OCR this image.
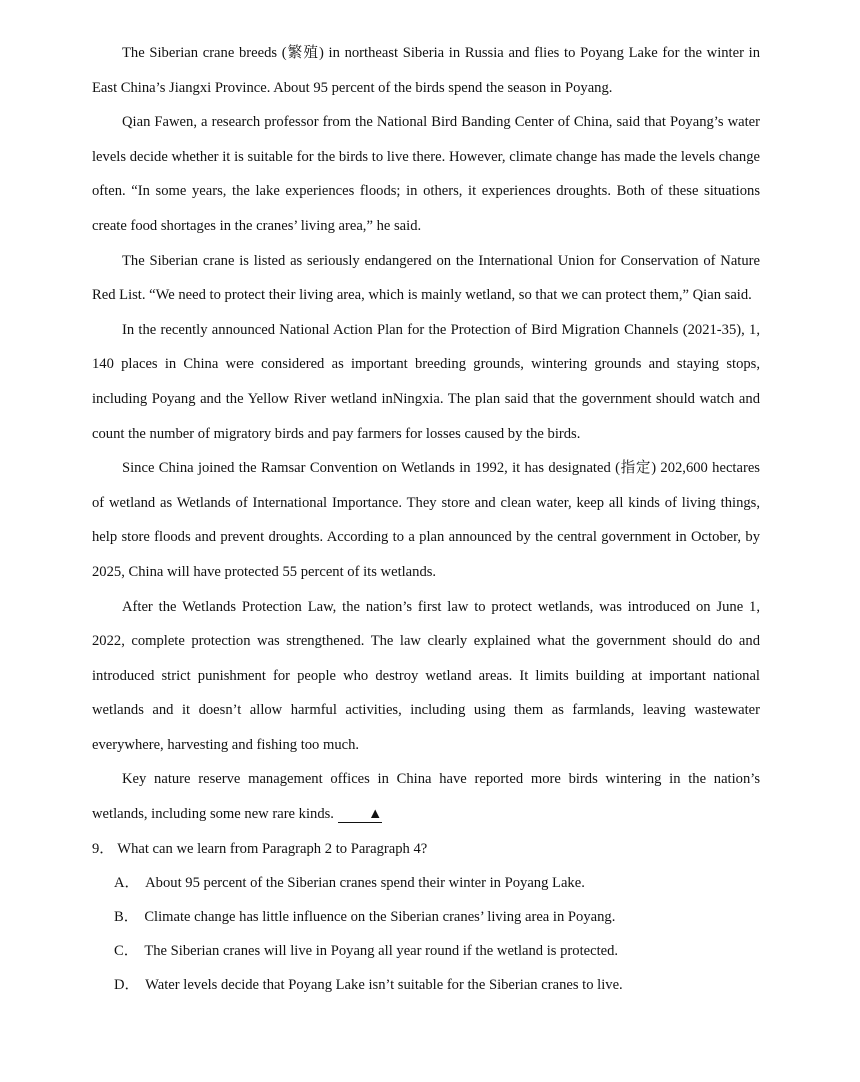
The Siberian crane breeds (繁殖) in northeast Siberia in Russia and flies to Poyang Lake for the winter in East China’s Jiangxi Province. About 95 percent of the birds spend the season in Poyang.

Qian Fawen, a research professor from the National Bird Banding Center of China, said that Poyang’s water levels decide whether it is suitable for the birds to live there. However, climate change has made the levels change often. “In some years, the lake experiences floods; in others, it experiences droughts. Both of these situations create food shortages in the cranes’ living area,” he said.

The Siberian crane is listed as seriously endangered on the International Union for Conservation of Nature Red List. “We need to protect their living area, which is mainly wetland, so that we can protect them,” Qian said.

In the recently announced National Action Plan for the Protection of Bird Migration Channels (2021-35), 1, 140 places in China were considered as important breeding grounds, wintering grounds and staying stops, including Poyang and the Yellow River wetland inNingxia. The plan said that the government should watch and count the number of migratory birds and pay farmers for losses caused by the birds.

Since China joined the Ramsar Convention on Wetlands in 1992, it has designated (指定) 202,600 hectares of wetland as Wetlands of International Importance. They store and clean water, keep all kinds of living things, help store floods and prevent droughts. According to a plan announced by the central government in October, by 2025, China will have protected 55 percent of its wetlands.

After the Wetlands Protection Law, the nation’s first law to protect wetlands, was introduced on June 1, 2022, complete protection was strengthened. The law clearly explained what the government should do and introduced strict punishment for people who destroy wetland areas. It limits building at important national wetlands and it doesn’t allow harmful activities, including using them as farmlands, leaving wastewater everywhere, harvesting and fishing too much.

Key nature reserve management offices in China have reported more birds wintering in the nation’s wetlands, including some new rare kinds. ▲

9． What can we learn from Paragraph 2 to Paragraph 4?

A． About 95 percent of the Siberian cranes spend their winter in Poyang Lake.

B． Climate change has little influence on the Siberian cranes’ living area in Poyang.

C． The Siberian cranes will live in Poyang all year round if the wetland is protected.

D． Water levels decide that Poyang Lake isn’t suitable for the Siberian cranes to live.
